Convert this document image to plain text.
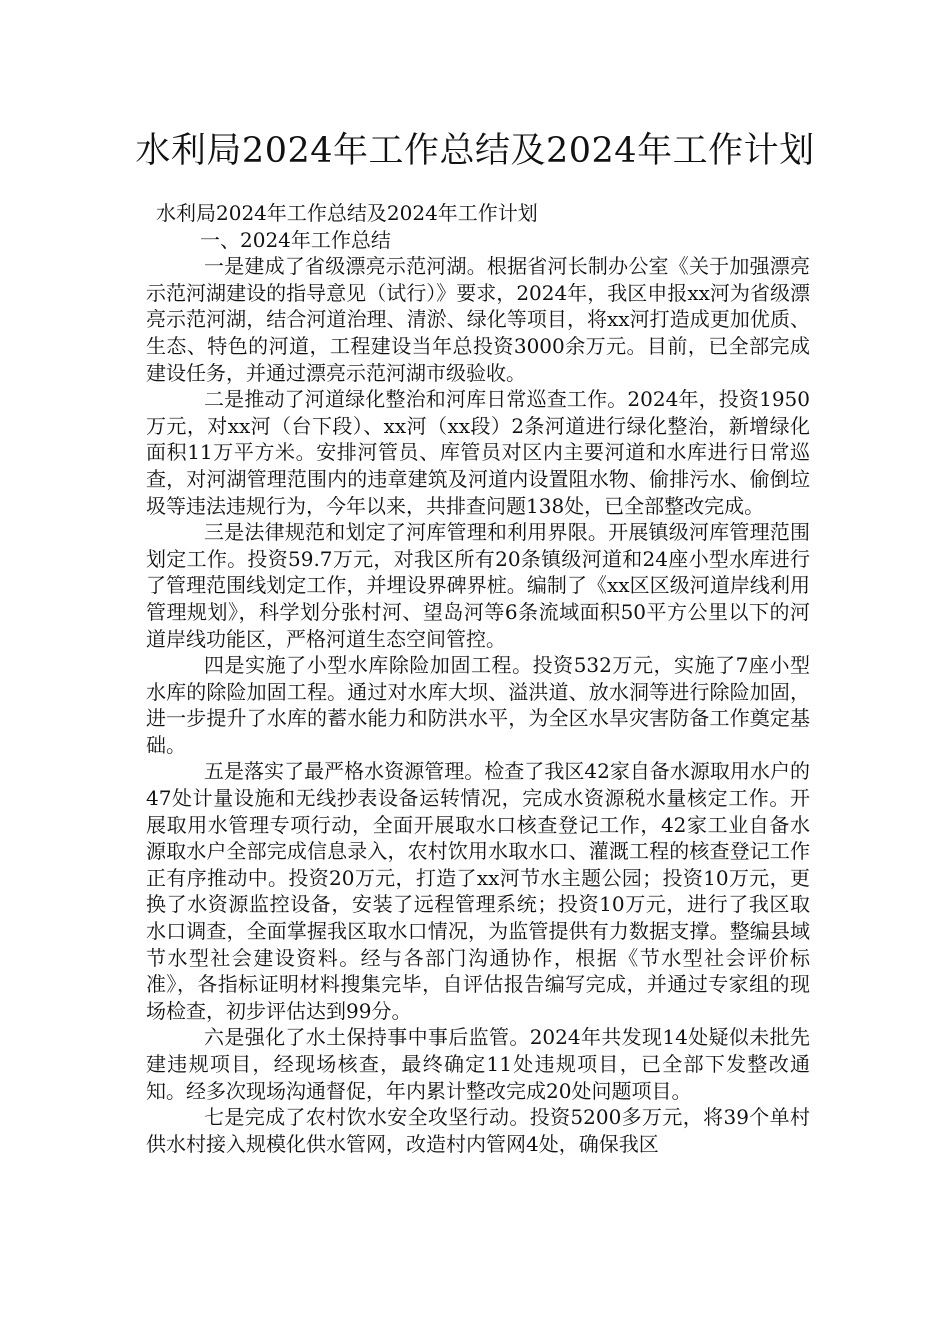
水利局2024年工作总结及2024年工作计划

水利局2024年工作总结及2024年工作计划

一、2024年工作总结

一是建成了省级漂亮示范河湖。根据省河长制办公室《关于加强漂亮示范河湖建设的指导意见（试行）》要求，2024年，我区申报xx河为省级漂亮示范河湖，结合河道治理、清淤、绿化等项目，将xx河打造成更加优质、生态、特色的河道，工程建设当年总投资3000余万元。目前，已全部完成建设任务，并通过漂亮示范河湖市级验收。

二是推动了河道绿化整治和河库日常巡查工作。2024年，投资1950万元，对xx河（台下段）、xx河（xx段）2条河道进行绿化整治，新增绿化面积11万平方米。安排河管员、库管员对区内主要河道和水库进行日常巡查，对河湖管理范围内的违章建筑及河道内设置阻水物、偷排污水、偷倒垃圾等违法违规行为，今年以来，共排查问题138处，已全部整改完成。

三是法律规范和划定了河库管理和利用界限。开展镇级河库管理范围划定工作。投资59.7万元，对我区所有20条镇级河道和24座小型水库进行了管理范围线划定工作，并埋设界碑界桩。编制了《xx区区级河道岸线利用管理规划》，科学划分张村河、望岛河等6条流域面积50平方公里以下的河道岸线功能区，严格河道生态空间管控。

四是实施了小型水库除险加固工程。投资532万元，实施了7座小型水库的除险加固工程。通过对水库大坝、溢洪道、放水洞等进行除险加固，进一步提升了水库的蓄水能力和防洪水平，为全区水旱灾害防备工作奠定基础。

五是落实了最严格水资源管理。检查了我区42家自备水源取用水户的47处计量设施和无线抄表设备运转情况，完成水资源税水量核定工作。开展取用水管理专项行动，全面开展取水口核查登记工作，42家工业自备水源取水户全部完成信息录入，农村饮用水取水口、灌溉工程的核查登记工作正有序推动中。投资20万元，打造了xx河节水主题公园；投资10万元，更换了水资源监控设备，安装了远程管理系统；投资10万元，进行了我区取水口调查，全面掌握我区取水口情况，为监管提供有力数据支撑。整编县域节水型社会建设资料。经与各部门沟通协作，根据《节水型社会评价标准》，各指标证明材料搜集完毕，自评估报告编写完成，并通过专家组的现场检查，初步评估达到99分。

六是强化了水土保持事中事后监管。2024年共发现14处疑似未批先建违规项目，经现场核查，最终确定11处违规项目，已全部下发整改通知。经多次现场沟通督促，年内累计整改完成20处问题项目。

七是完成了农村饮水安全攻坚行动。投资5200多万元，将39个单村供水村接入规模化供水管网，改造村内管网4处，确保我区
